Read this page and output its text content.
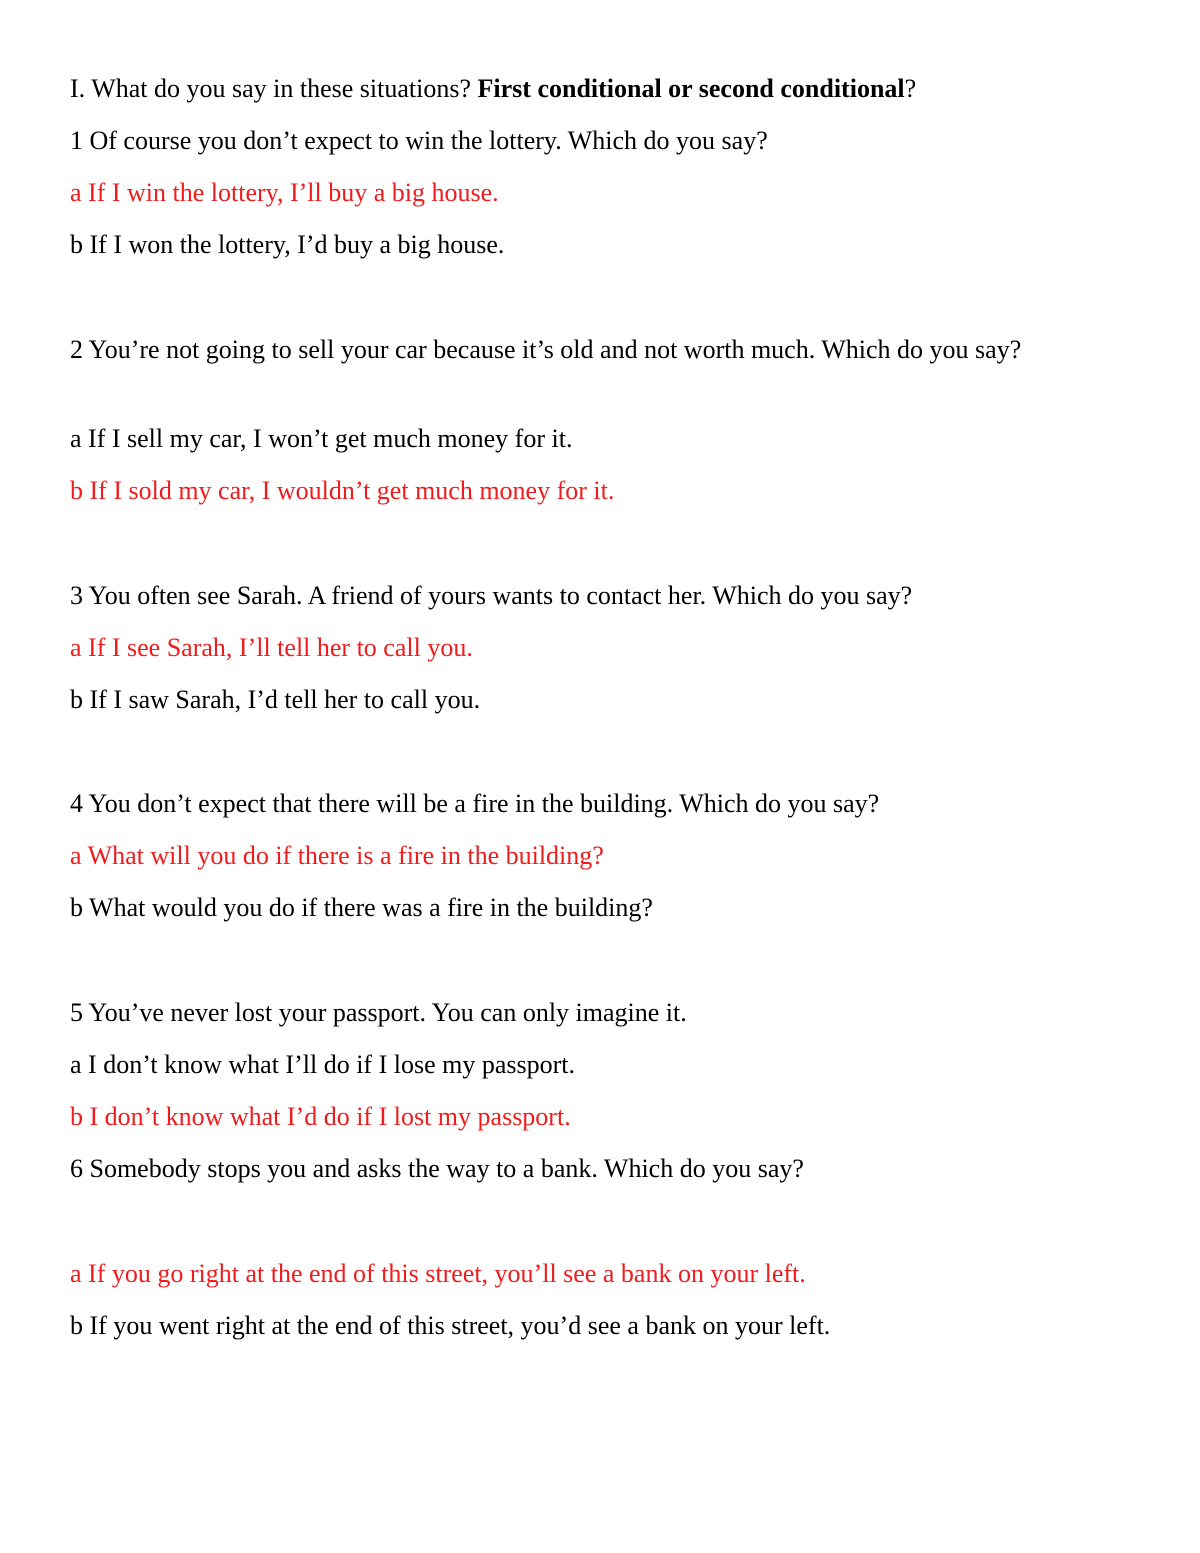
I. What do you say in these situations? First conditional or second conditional?
1 Of course you don’t expect to win the lottery. Which do you say?
a If I win the lottery, I’ll buy a big house.
b If I won the lottery, I’d buy a big house.
2 You’re not going to sell your car because it’s old and not worth much. Which do you say?
a If I sell my car, I won’t get much money for it.
b If I sold my car, I wouldn’t get much money for it.
3 You often see Sarah. A friend of yours wants to contact her. Which do you say?
a If I see Sarah, I’ll tell her to call you.
b If I saw Sarah, I’d tell her to call you.
4 You don’t expect that there will be a fire in the building. Which do you say?
a What will you do if there is a fire in the building?
b What would you do if there was a fire in the building?
5 You’ve never lost your passport. You can only imagine it.
a I don’t know what I’ll do if I lose my passport.
b I don’t know what I’d do if I lost my passport.
6 Somebody stops you and asks the way to a bank. Which do you say?
a If you go right at the end of this street, you’ll see a bank on your left.
b If you went right at the end of this street, you’d see a bank on your left.
